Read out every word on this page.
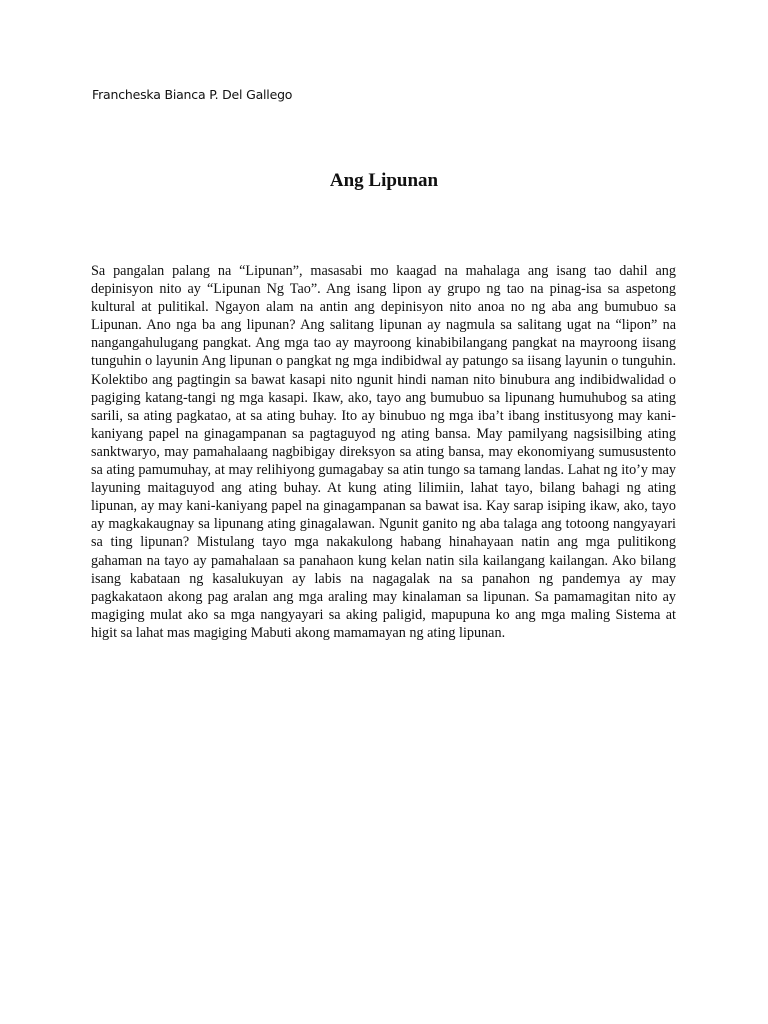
Francheska Bianca P. Del Gallego
Ang Lipunan

Sa pangalan palang na “Lipunan”, masasabi mo kaagad na mahalaga ang isang tao dahil ang depinisyon nito ay “Lipunan Ng Tao”. Ang isang lipon ay grupo ng tao na pinag-isa sa aspetong kultural at pulitikal. Ngayon alam na antin ang depinisyon nito anoa no ng aba ang bumubuo sa Lipunan. Ano nga ba ang lipunan? Ang salitang lipunan ay nagmula sa salitang ugat na “lipon” na nangangahulugang pangkat. Ang mga tao ay mayroong kinabibilangang pangkat na mayroong iisang tunguhin o layunin Ang lipunan o pangkat ng mga indibidwal ay patungo sa iisang layunin o tunguhin. Kolektibo ang pagtingin sa bawat kasapi nito ngunit hindi naman nito binubura ang indibidwalidad o pagiging katang-tangi ng mga kasapi. Ikaw, ako, tayo ang bumubuo sa lipunang humuhubog sa ating sarili, sa ating pagkatao, at sa ating buhay. Ito ay binubuo ng mga iba’t ibang institusyong may kani-kaniyang papel na ginagampanan sa pagtaguyod ng ating bansa. May pamilyang nagsisilbing ating sanktwaryo, may pamahalaang nagbibigay direksyon sa ating bansa, may ekonomiyang sumusustento sa ating pamumuhay, at may relihiyong gumagabay sa atin tungo sa tamang landas. Lahat ng ito’y may layuning maitaguyod ang ating buhay. At kung ating lilimiin, lahat tayo, bilang bahagi ng ating lipunan, ay may kani-kaniyang papel na ginagampanan sa bawat isa. Kay sarap isiping ikaw, ako, tayo ay magkakaugnay sa lipunang ating ginagalawan. Ngunit ganito ng aba talaga ang totoong nangyayari sa ting lipunan? Mistulang tayo mga nakakulong habang hinahayaan natin ang mga pulitikong gahaman na tayo ay pamahalaan sa panahaon kung kelan natin sila kailangang kailangan. Ako bilang isang kabataan ng kasalukuyan ay labis na nagagalak na sa panahon ng pandemya ay may pagkakataon akong pag aralan ang mga araling may kinalaman sa lipunan. Sa pamamagitan nito ay magiging mulat ako sa mga nangyayari sa aking paligid, mapupuna ko ang mga maling Sistema at higit sa lahat mas magiging Mabuti akong mamamayan ng ating lipunan.
